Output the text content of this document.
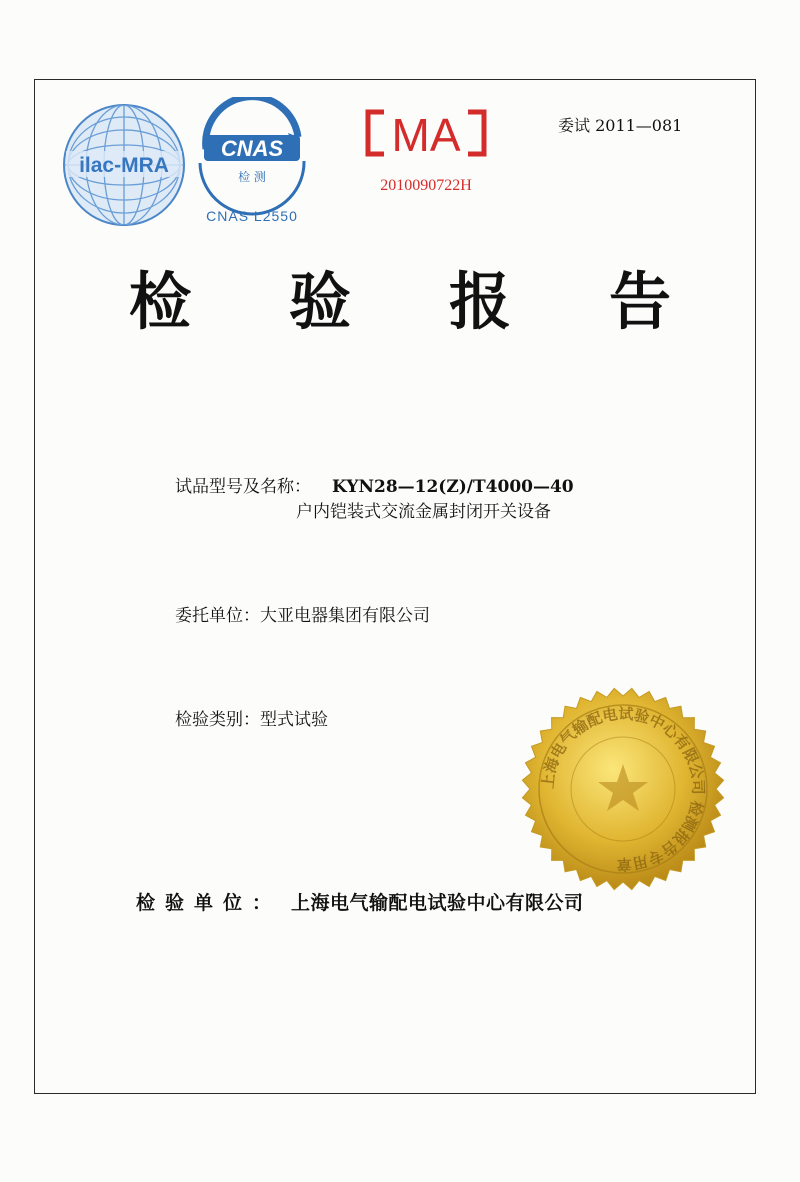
ilac-MRA
CNAS
检 测
CNAS L2550
MA
2010090722H
委试 2011—081
检 验 报 告
试品型号及名称： KYN28—12(Z)/T4000—40
户内铠装式交流金属封闭开关设备
委托单位：大亚电器集团有限公司
检验类别：型式试验
上海电气输配电试验中心有限公司 检测报告专用章
检验单位： 上海电气输配电试验中心有限公司
